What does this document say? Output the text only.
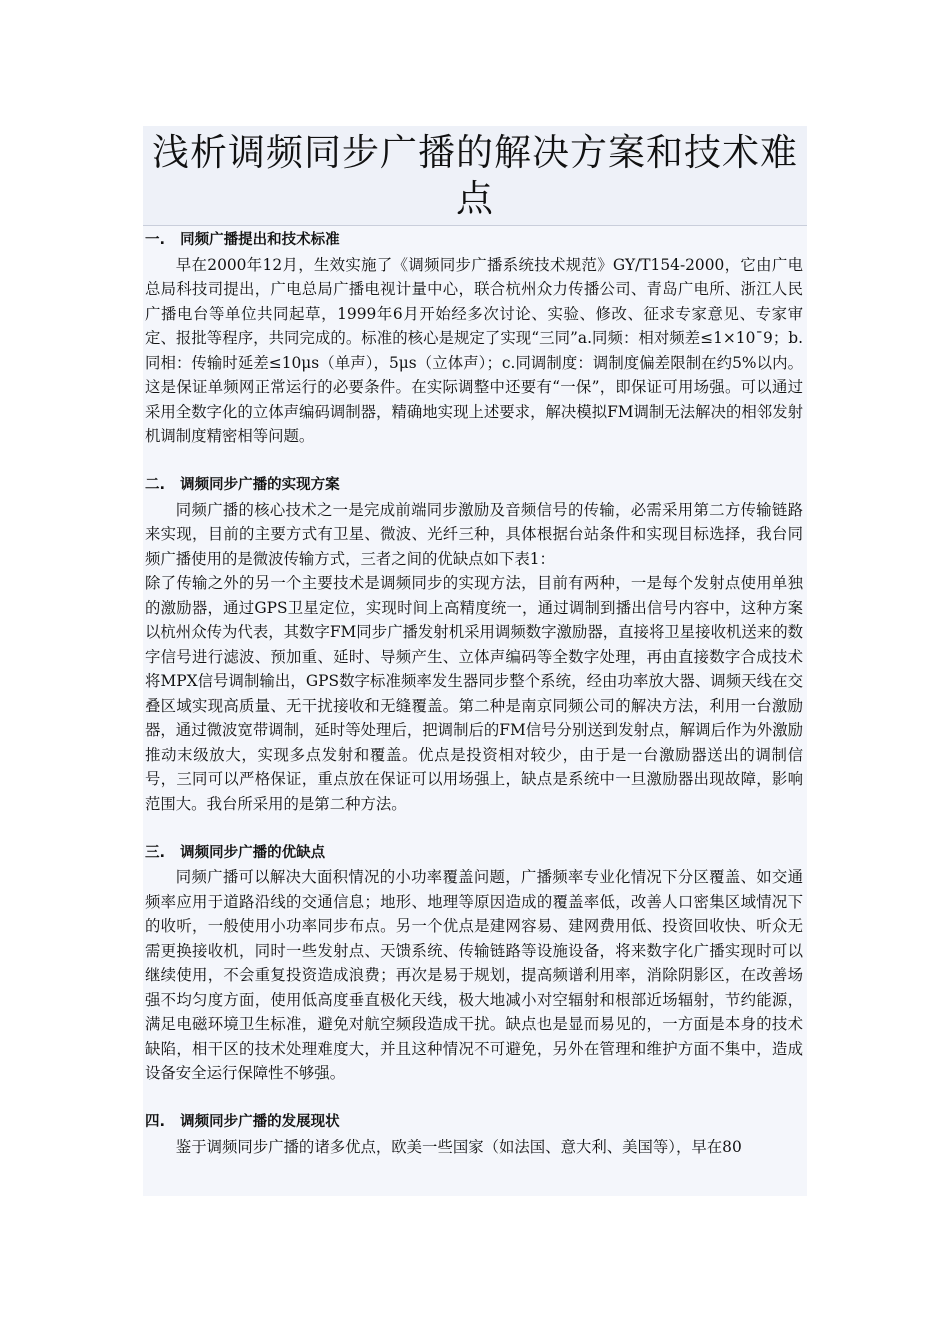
浅析调频同步广播的解决方案和技术难点
一.   同频广播提出和技术标准

早在2000年12月，生效实施了《调频同步广播系统技术规范》GY/T154-2000，它由广电总局科技司提出，广电总局广播电视计量中心，联合杭州众力传播公司、青岛广电所、浙江人民广播电台等单位共同起草，1999年6月开始经多次讨论、实验、修改、征求专家意见、专家审定、报批等程序，共同完成的。标准的核心是规定了实现“三同”a.同频：相对频差≤1×10ˉ9；b.同相：传输时延差≤10μs（单声），5μs（立体声）；c.同调制度：调制度偏差限制在约5%以内。这是保证单频网正常运行的必要条件。在实际调整中还要有“一保”，即保证可用场强。可以通过采用全数字化的立体声编码调制器，精确地实现上述要求，解决模拟FM调制无法解决的相邻发射机调制度精密相等问题。

二.   调频同步广播的实现方案

同频广播的核心技术之一是完成前端同步激励及音频信号的传输，必需采用第二方传输链路来实现，目前的主要方式有卫星、微波、光纤三种，具体根据台站条件和实现目标选择，我台同频广播使用的是微波传输方式，三者之间的优缺点如下表1：

除了传输之外的另一个主要技术是调频同步的实现方法，目前有两种，一是每个发射点使用单独的激励器，通过GPS卫星定位，实现时间上高精度统一，通过调制到播出信号内容中，这种方案以杭州众传为代表，其数字FM同步广播发射机采用调频数字激励器，直接将卫星接收机送来的数字信号进行滤波、预加重、延时、导频产生、立体声编码等全数字处理，再由直接数字合成技术将MPX信号调制输出，GPS数字标准频率发生器同步整个系统，经由功率放大器、调频天线在交叠区域实现高质量、无干扰接收和无缝覆盖。第二种是南京同频公司的解决方法，利用一台激励器，通过微波宽带调制，延时等处理后，把调制后的FM信号分别送到发射点，解调后作为外激励推动末级放大，实现多点发射和覆盖。优点是投资相对较少，由于是一台激励器送出的调制信号，三同可以严格保证，重点放在保证可以用场强上，缺点是系统中一旦激励器出现故障，影响范围大。我台所采用的是第二种方法。

三.   调频同步广播的优缺点

同频广播可以解决大面积情况的小功率覆盖问题，广播频率专业化情况下分区覆盖、如交通频率应用于道路沿线的交通信息；地形、地理等原因造成的覆盖率低，改善人口密集区域情况下的收听，一般使用小功率同步布点。另一个优点是建网容易、建网费用低、投资回收快、听众无需更换接收机，同时一些发射点、天馈系统、传输链路等设施设备，将来数字化广播实现时可以继续使用，不会重复投资造成浪费；再次是易于规划，提高频谱利用率，消除阴影区，在改善场强不均匀度方面，使用低高度垂直极化天线，极大地减小对空辐射和根部近场辐射，节约能源，满足电磁环境卫生标准，避免对航空频段造成干扰。缺点也是显而易见的，一方面是本身的技术缺陷，相干区的技术处理难度大，并且这种情况不可避免，另外在管理和维护方面不集中，造成设备安全运行保障性不够强。

四.   调频同步广播的发展现状

鉴于调频同步广播的诸多优点，欧美一些国家（如法国、意大利、美国等），早在80
